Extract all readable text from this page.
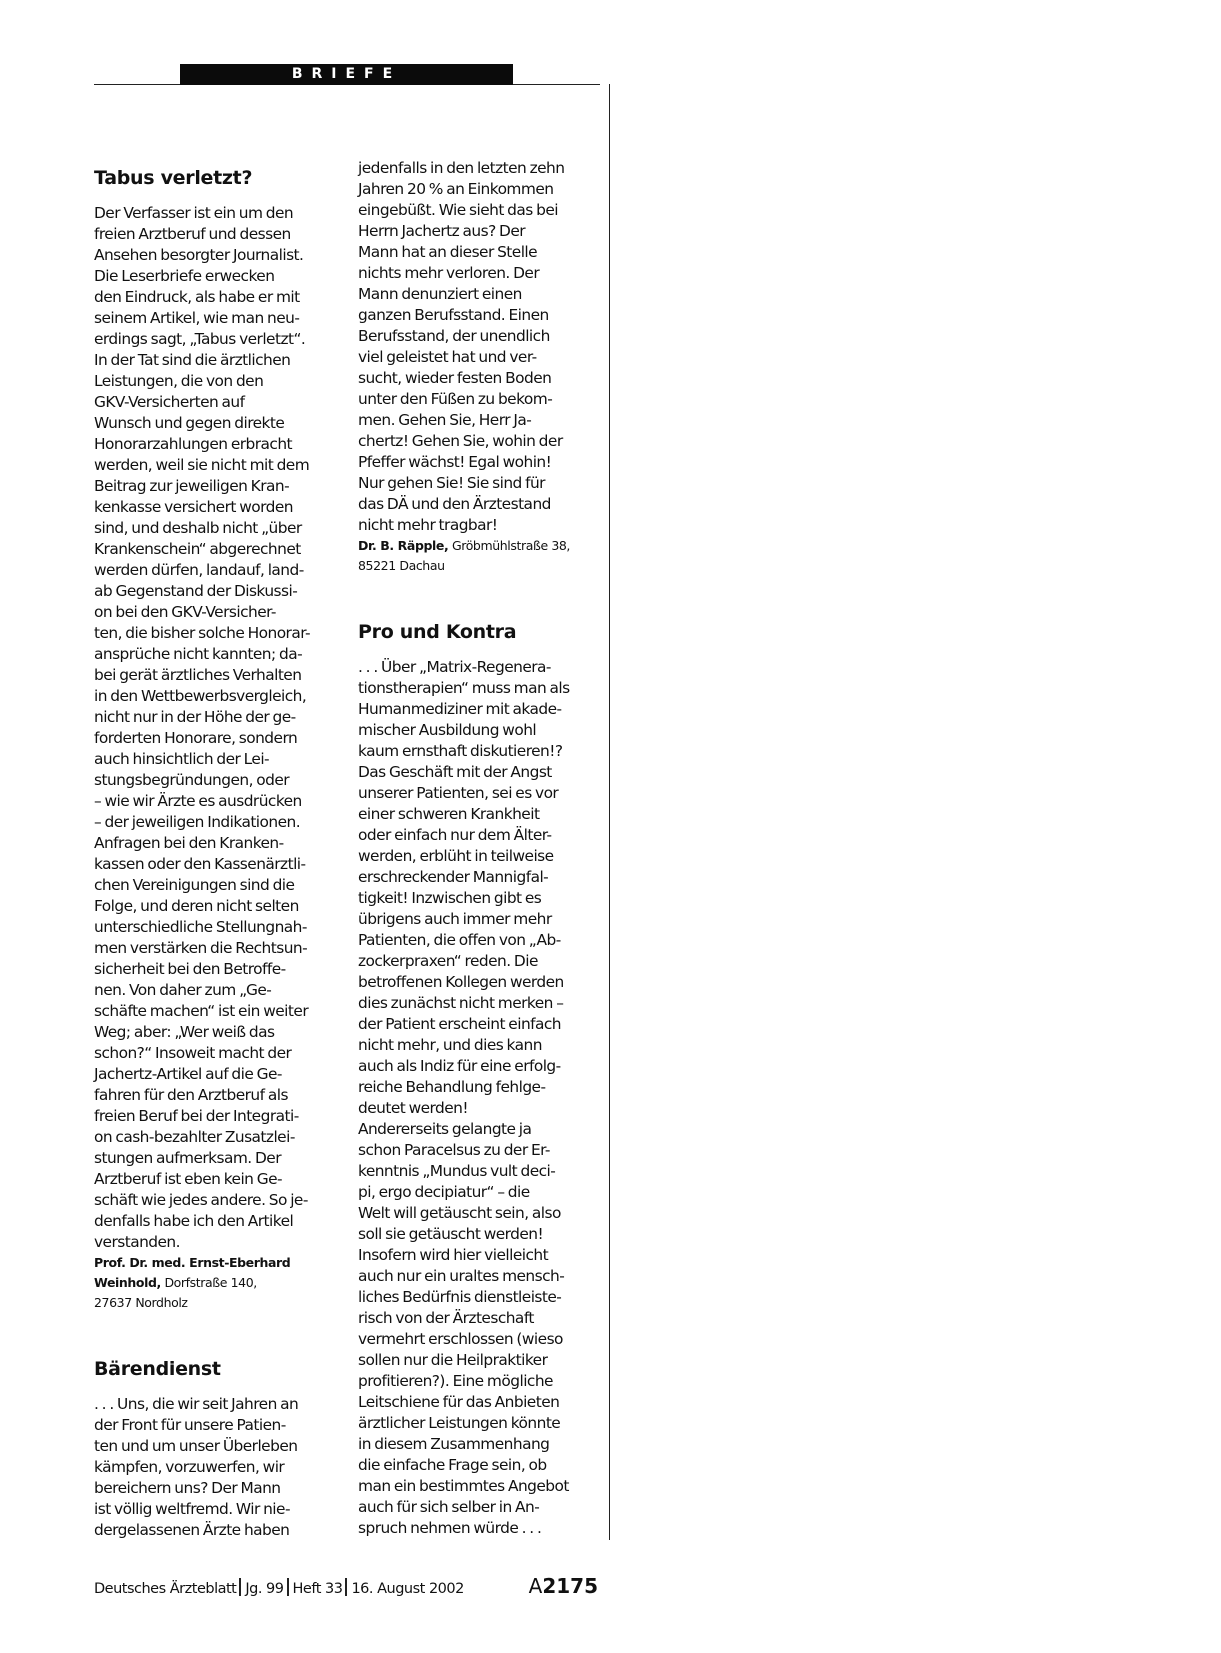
BRIEFE
Tabus verletzt?
Der Verfasser ist ein um den
freien Arztberuf und dessen
Ansehen besorgter Journalist.
Die Leserbriefe erwecken
den Eindruck, als habe er mit
seinem Artikel, wie man neu-
erdings sagt, „Tabus verletzt“.
In der Tat sind die ärztlichen
Leistungen, die von den
GKV-Versicherten auf
Wunsch und gegen direkte
Honorarzahlungen erbracht
werden, weil sie nicht mit dem
Beitrag zur jeweiligen Kran-
kenkasse versichert worden
sind, und deshalb nicht „über
Krankenschein“ abgerechnet
werden dürfen, landauf, land-
ab Gegenstand der Diskussi-
on bei den GKV-Versicher-
ten, die bisher solche Honorar-
ansprüche nicht kannten; da-
bei gerät ärztliches Verhalten
in den Wettbewerbsvergleich,
nicht nur in der Höhe der ge-
forderten Honorare, sondern
auch hinsichtlich der Lei-
stungsbegründungen, oder
– wie wir Ärzte es ausdrücken
– der jeweiligen Indikationen.
Anfragen bei den Kranken-
kassen oder den Kassenärztli-
chen Vereinigungen sind die
Folge, und deren nicht selten
unterschiedliche Stellungnah-
men verstärken die Rechtsun-
sicherheit bei den Betroffe-
nen. Von daher zum „Ge-
schäfte machen“ ist ein weiter
Weg; aber: „Wer weiß das
schon?“ Insoweit macht der
Jachertz-Artikel auf die Ge-
fahren für den Arztberuf als
freien Beruf bei der Integrati-
on cash-bezahlter Zusatzlei-
stungen aufmerksam. Der
Arztberuf ist eben kein Ge-
schäft wie jedes andere. So je-
denfalls habe ich den Artikel
verstanden.
Prof. Dr. med. Ernst-Eberhard
Weinhold, Dorfstraße 140,
27637 Nordholz
Bärendienst
. . . Uns, die wir seit Jahren an
der Front für unsere Patien-
ten und um unser Überleben
kämpfen, vorzuwerfen, wir
bereichern uns? Der Mann
ist völlig weltfremd. Wir nie-
dergelassenen Ärzte haben
jedenfalls in den letzten zehn
Jahren 20 % an Einkommen
eingebüßt. Wie sieht das bei
Herrn Jachertz aus? Der
Mann hat an dieser Stelle
nichts mehr verloren. Der
Mann denunziert einen
ganzen Berufsstand. Einen
Berufsstand, der unendlich
viel geleistet hat und ver-
sucht, wieder festen Boden
unter den Füßen zu bekom-
men. Gehen Sie, Herr Ja-
chertz! Gehen Sie, wohin der
Pfeffer wächst! Egal wohin!
Nur gehen Sie! Sie sind für
das DÄ und den Ärztestand
nicht mehr tragbar!
Dr. B. Räpple, Gröbmühlstraße 38,
85221 Dachau
Pro und Kontra
. . . Über „Matrix-Regenera-
tionstherapien“ muss man als
Humanmediziner mit akade-
mischer Ausbildung wohl
kaum ernsthaft diskutieren!?
Das Geschäft mit der Angst
unserer Patienten, sei es vor
einer schweren Krankheit
oder einfach nur dem Älter-
werden, erblüht in teilweise
erschreckender Mannigfal-
tigkeit! Inzwischen gibt es
übrigens auch immer mehr
Patienten, die offen von „Ab-
zockerpraxen“ reden. Die
betroffenen Kollegen werden
dies zunächst nicht merken –
der Patient erscheint einfach
nicht mehr, und dies kann
auch als Indiz für eine erfolg-
reiche Behandlung fehlge-
deutet werden!
Andererseits gelangte ja
schon Paracelsus zu der Er-
kenntnis „Mundus vult deci-
pi, ergo decipiatur“ – die
Welt will getäuscht sein, also
soll sie getäuscht werden!
Insofern wird hier vielleicht
auch nur ein uraltes mensch-
liches Bedürfnis dienstleiste-
risch von der Ärzteschaft
vermehrt erschlossen (wieso
sollen nur die Heilpraktiker
profitieren?). Eine mögliche
Leitschiene für das Anbieten
ärztlicher Leistungen könnte
in diesem Zusammenhang
die einfache Frage sein, ob
man ein bestimmtes Angebot
auch für sich selber in An-
spruch nehmen würde . . .
Deutsches Ärzteblatt Jg. 99 Heft 33 16. August 2002	A2175
